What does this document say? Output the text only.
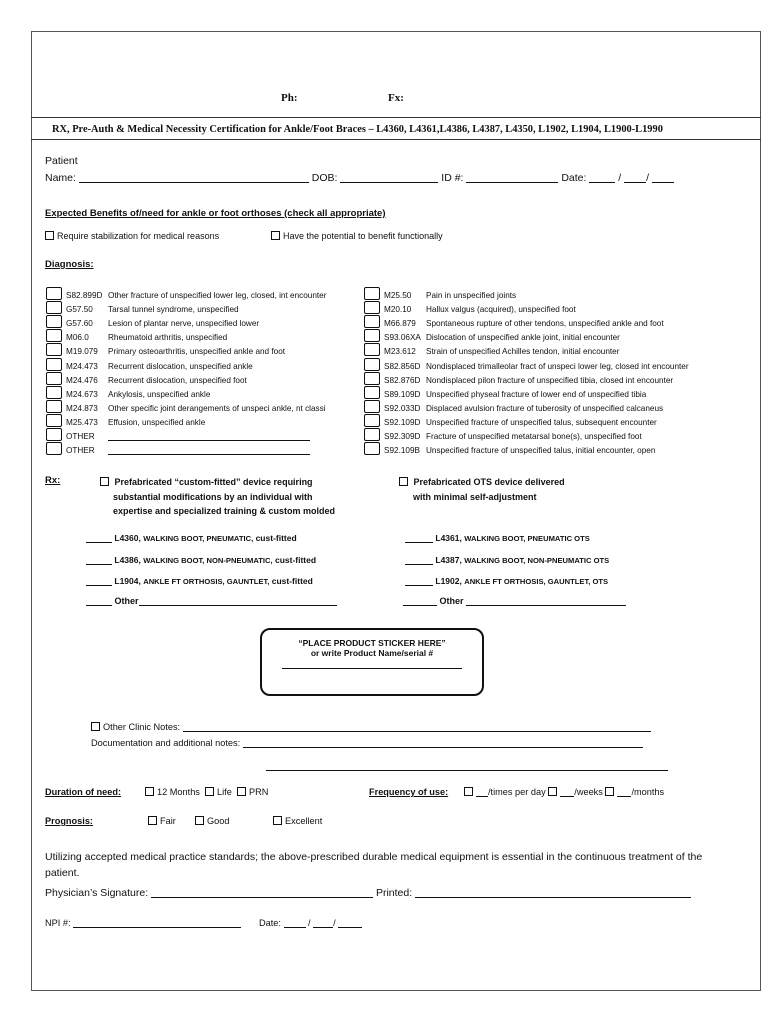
Ph:	Fx:
RX, Pre-Auth & Medical Necessity Certification for Ankle/Foot Braces – L4360, L4361,L4386, L4387, L4350, L1902, L1904, L1900-L1990
Patient
Name:	DOB:	ID #:	Date:	/ /
Expected Benefits of/need for ankle or foot orthoses (check all appropriate)
Require stabilization for medical reasons	Have the potential to benefit functionally
Diagnosis:
S82.899D Other fracture of unspecified lower leg, closed, int encounter
G57.50 Tarsal tunnel syndrome, unspecified
G57.60 Lesion of plantar nerve, unspecified lower
M06.0 Rheumatoid arthritis, unspecified
M19.079 Primary osteoarthritis, unspecified ankle and foot
M24.473 Recurrent dislocation, unspecified ankle
M24.476 Recurrent dislocation, unspecified foot
M24.673 Ankylosis, unspecified ankle
M24.873 Other specific joint derangements of unspeci ankle, nt classi
M25.473 Effusion, unspecified ankle
OTHER
OTHER
M25.50 Pain in unspecified joints
M20.10 Hallux valgus (acquired), unspecified foot
M66.879 Spontaneous rupture of other tendons, unspecified ankle and foot
S93.06XA Dislocation of unspecified ankle joint, initial encounter
M23.612 Strain of unspecified Achilles tendon, initial encounter
S82.856D Nondisplaced trimalleolar fract of unspeci lower leg, closed int encounter
S82.876D Nondisplaced pilon fracture of unspecified tibia, closed int encounter
S89.109D Unspecified physeal fracture of lower end of unspecified tibia
S92.033D Displaced avulsion fracture of tuberosity of unspecified calcaneus
S92.109D Unspecified fracture of unspecified talus, subsequent encounter
S92.309D Fracture of unspecified metatarsal bone(s), unspecified foot
S92.109B Unspecified fracture of unspecified talus, initial encounter, open
Rx:	Prefabricated “custom-fitted” device requiring
substantial modifications by an individual with
expertise and specialized training & custom molded
Prefabricated OTS device delivered
with minimal self-adjustment
L4360, WALKING BOOT, PNEUMATIC, cust-fitted
L4386, WALKING BOOT, NON-PNEUMATIC, cust-fitted
L1904, ANKLE FT ORTHOSIS, GAUNTLET, cust-fitted
L4361, WALKING BOOT, PNEUMATIC OTS
L4387, WALKING BOOT, NON-PNEUMATIC OTS
L1902, ANKLE FT ORTHOSIS, GAUNTLET, OTS
Other	Other
“PLACE PRODUCT STICKER HERE”
or write Product Name/serial #
Other Clinic Notes:
Documentation and additional notes:
Duration of need:	12 Months Life PRN	Frequency of use:	/times per day	/weeks	/months
Prognosis:	Fair	Good	Excellent
Utilizing accepted medical practice standards; the above-prescribed durable medical equipment is essential in the continuous treatment of the patient.
Physician’s Signature:	Printed:
NPI #:	Date:	/ /
